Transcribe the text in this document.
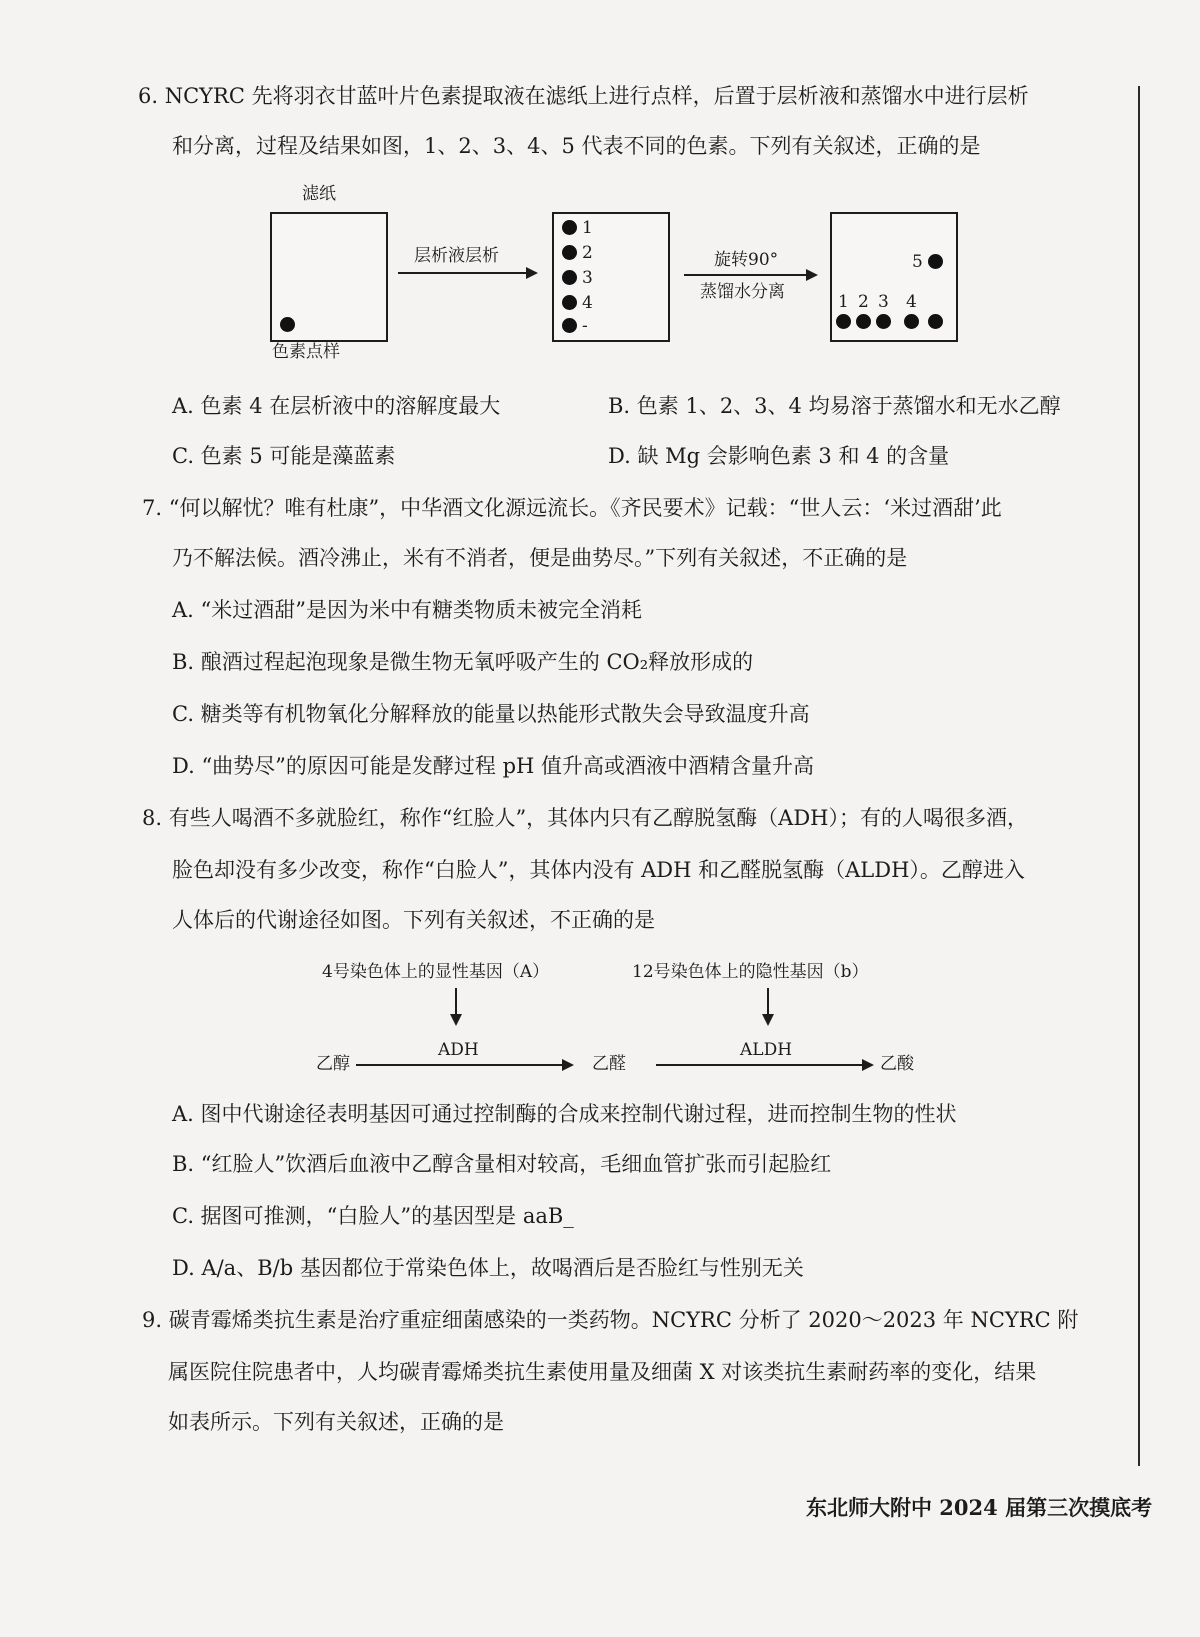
6. NCYRC 先将羽衣甘蓝叶片色素提取液在滤纸上进行点样，后置于层析液和蒸馏水中进行层析
和分离，过程及结果如图，1、2、3、4、5 代表不同的色素。下列有关叙述，正确的是
滤纸
色素点样
层析液层析
1
2
3
4
-
旋转90°
蒸馏水分离
5
1 2 3 4
A. 色素 4 在层析液中的溶解度最大	B. 色素 1、2、3、4 均易溶于蒸馏水和无水乙醇
C. 色素 5 可能是藻蓝素	D. 缺 Mg 会影响色素 3 和 4 的含量
7. “何以解忧？唯有杜康”，中华酒文化源远流长。《齐民要术》记载：“世人云：‘米过酒甜’此
乃不解法候。酒冷沸止，米有不消者，便是曲势尽。”下列有关叙述，不正确的是
A. “米过酒甜”是因为米中有糖类物质未被完全消耗
B. 酿酒过程起泡现象是微生物无氧呼吸产生的 CO₂释放形成的
C. 糖类等有机物氧化分解释放的能量以热能形式散失会导致温度升高
D. “曲势尽”的原因可能是发酵过程 pH 值升高或酒液中酒精含量升高
8. 有些人喝酒不多就脸红，称作“红脸人”，其体内只有乙醇脱氢酶（ADH）；有的人喝很多酒，
脸色却没有多少改变，称作“白脸人”，其体内没有 ADH 和乙醛脱氢酶（ALDH）。乙醇进入
人体后的代谢途径如图。下列有关叙述，不正确的是
4号染色体上的显性基因（A）	12号染色体上的隐性基因（b）
ADH	ALDH
乙醇	乙醛	乙酸
A. 图中代谢途径表明基因可通过控制酶的合成来控制代谢过程，进而控制生物的性状
B. “红脸人”饮酒后血液中乙醇含量相对较高，毛细血管扩张而引起脸红
C. 据图可推测，“白脸人”的基因型是 aaB_
D. A/a、B/b 基因都位于常染色体上，故喝酒后是否脸红与性别无关
9. 碳青霉烯类抗生素是治疗重症细菌感染的一类药物。NCYRC 分析了 2020～2023 年 NCYRC 附
属医院住院患者中，人均碳青霉烯类抗生素使用量及细菌 X 对该类抗生素耐药率的变化，结果
如表所示。下列有关叙述，正确的是
东北师大附中 2024 届第三次摸底考
